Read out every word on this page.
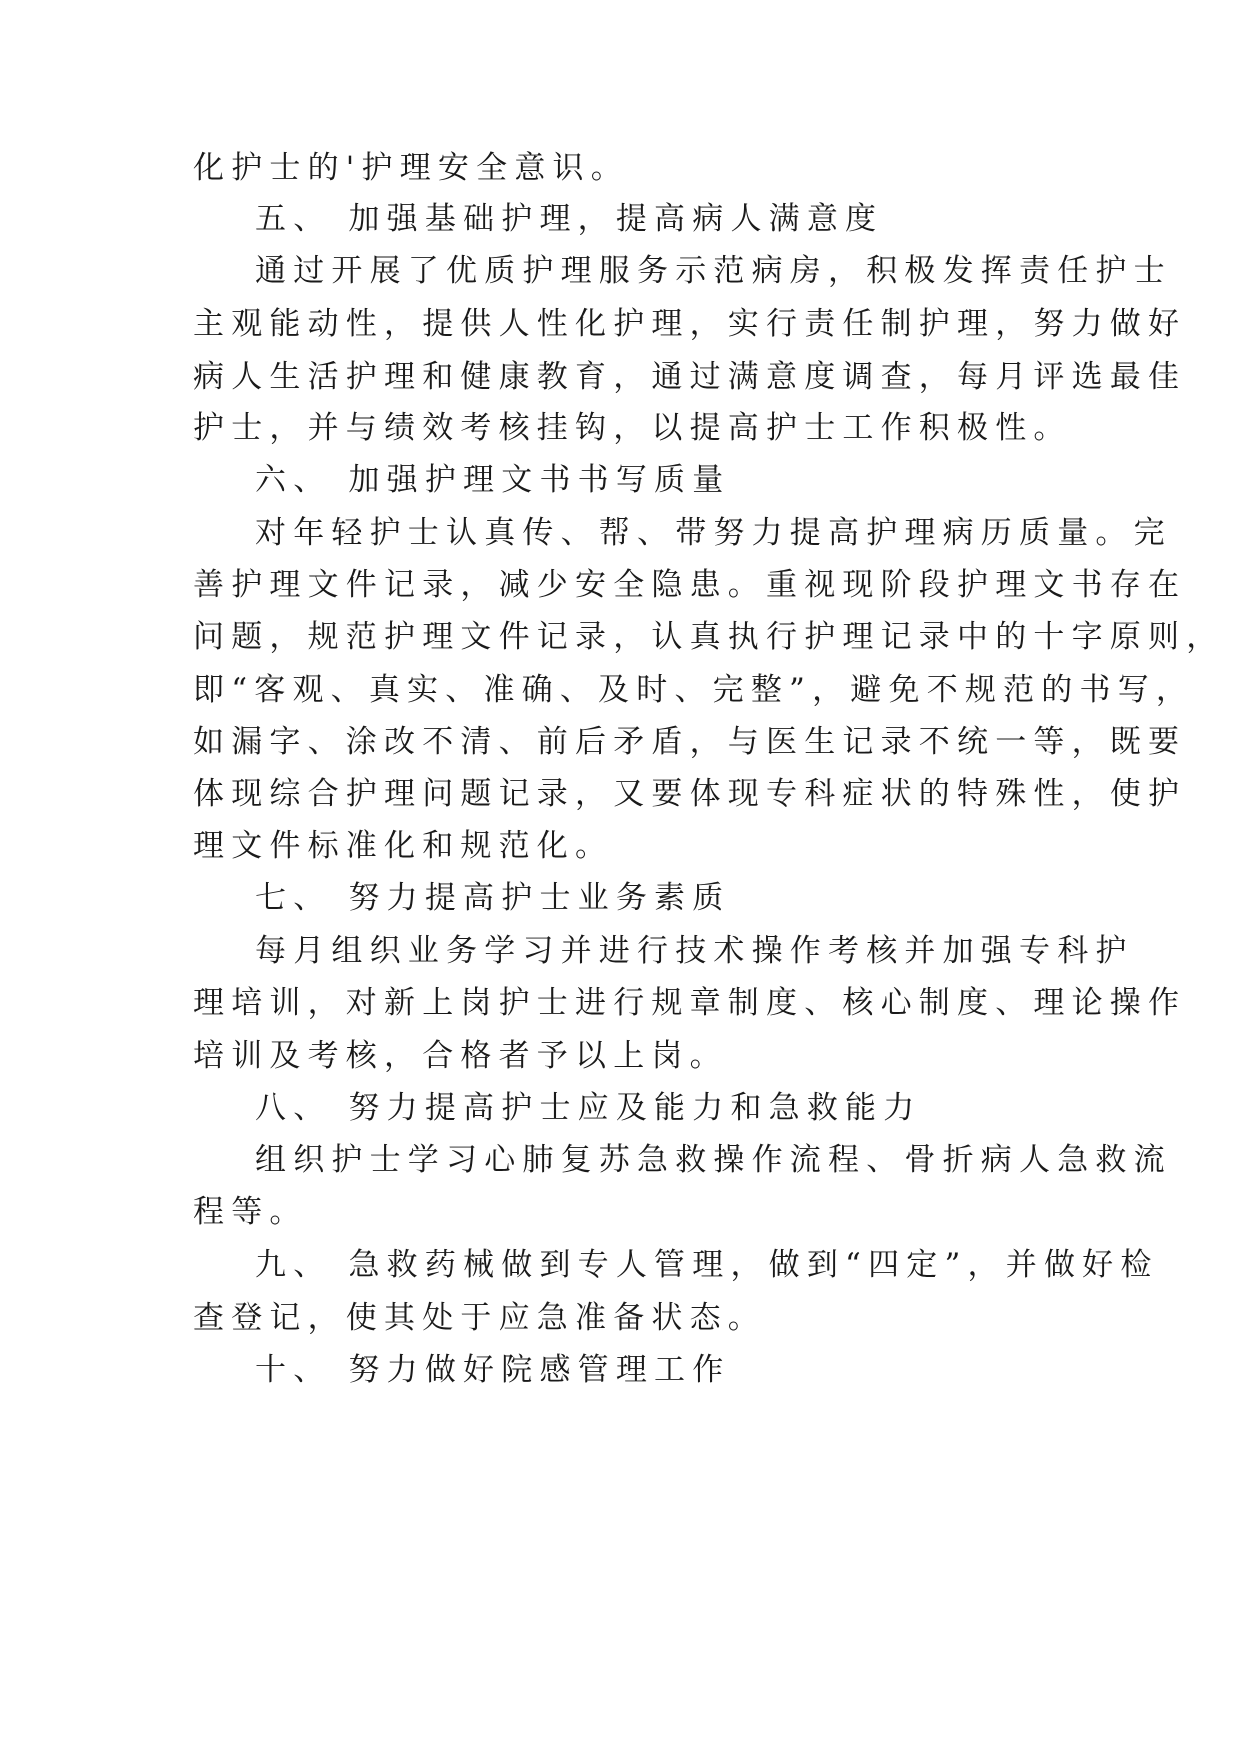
化护士的'护理安全意识。
五、 加强基础护理，提高病人满意度
通过开展了优质护理服务示范病房，积极发挥责任护士
主观能动性，提供人性化护理，实行责任制护理，努力做好
病人生活护理和健康教育，通过满意度调查，每月评选最佳
护士，并与绩效考核挂钩，以提高护士工作积极性。
六、 加强护理文书书写质量
对年轻护士认真传、帮、带努力提高护理病历质量。完
善护理文件记录，减少安全隐患。重视现阶段护理文书存在
问题，规范护理文件记录，认真执行护理记录中的十字原则，
即“客观、真实、准确、及时、完整”，避免不规范的书写，
如漏字、涂改不清、前后矛盾，与医生记录不统一等，既要
体现综合护理问题记录，又要体现专科症状的特殊性，使护
理文件标准化和规范化。
七、 努力提高护士业务素质
每月组织业务学习并进行技术操作考核并加强专科护
理培训，对新上岗护士进行规章制度、核心制度、理论操作
培训及考核，合格者予以上岗。
八、 努力提高护士应及能力和急救能力
组织护士学习心肺复苏急救操作流程、骨折病人急救流
程等。
九、 急救药械做到专人管理，做到“四定”，并做好检
查登记，使其处于应急准备状态。
十、 努力做好院感管理工作
